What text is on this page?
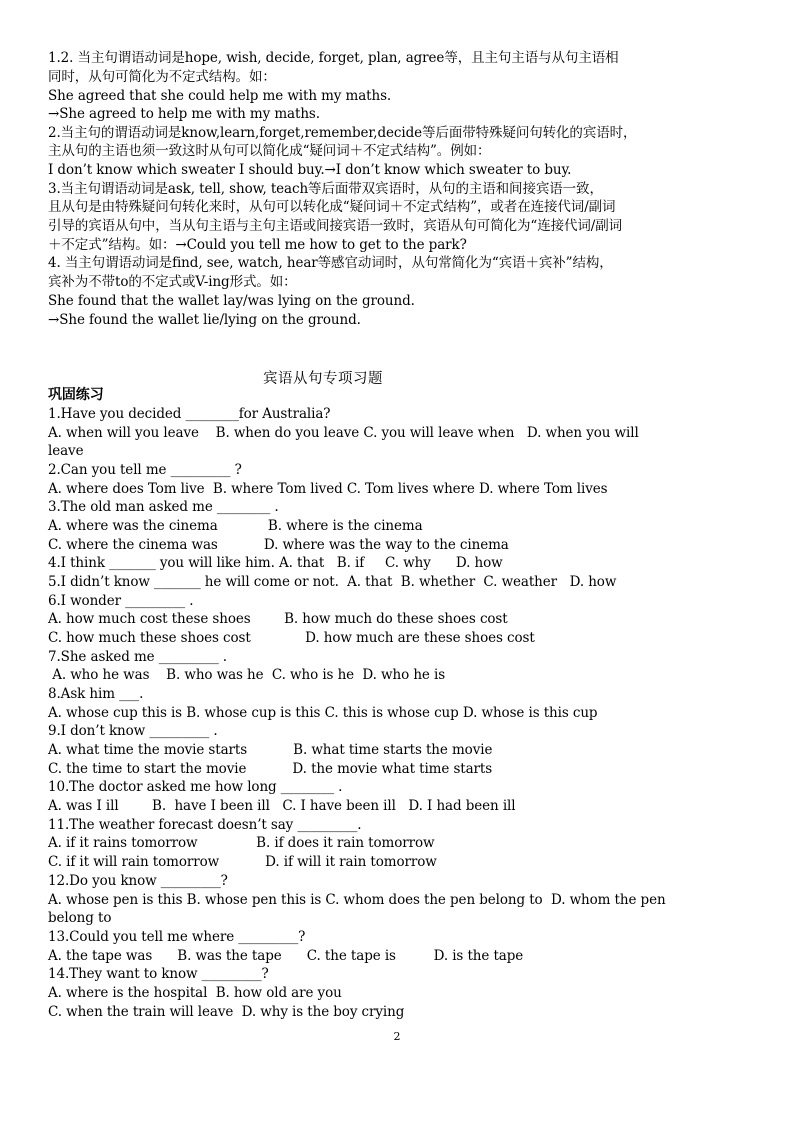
1.2. 当主句谓语动词是hope, wish, decide, forget, plan, agree等，且主句主语与从句主语相
同时，从句可简化为不定式结构。如：
She agreed that she could help me with my maths.
→She agreed to help me with my maths.
2.当主句的谓语动词是know,learn,forget,remember,decide等后面带特殊疑问句转化的宾语时，
主从句的主语也须一致这时从句可以简化成“疑问词＋不定式结构”。例如：
I don’t know which sweater I should buy.→I don’t know which sweater to buy.
3.当主句谓语动词是ask, tell, show, teach等后面带双宾语时，从句的主语和间接宾语一致，
且从句是由特殊疑问句转化来时，从句可以转化成“疑问词＋不定式结构”，或者在连接代词/副词
引导的宾语从句中，当从句主语与主句主语或间接宾语一致时，宾语从句可简化为“连接代词/副词
＋不定式”结构。如：→Could you tell me how to get to the park?
4. 当主句谓语动词是find, see, watch, hear等感官动词时，从句常简化为“宾语＋宾补”结构，
宾补为不带to的不定式或V-ing形式。如：
She found that the wallet lay/was lying on the ground.
→She found the wallet lie/lying on the ground.
宾语从句专项习题
巩固练习
1.Have you decided ________for Australia?
A. when will you leave    B. when do you leave C. you will leave when   D. when you will
leave
2.Can you tell me _________ ?
A. where does Tom live  B. where Tom lived C. Tom lives where D. where Tom lives
3.The old man asked me ________ .
A. where was the cinema            B. where is the cinema
C. where the cinema was           D. where was the way to the cinema
4.I think _______ you will like him. A. that   B. if     C. why      D. how
5.I didn’t know _______ he will come or not.  A. that  B. whether  C. weather   D. how
6.I wonder _________ .
A. how much cost these shoes        B. how much do these shoes cost
C. how much these shoes cost             D. how much are these shoes cost
7.She asked me _________ .
A. who he was    B. who was he  C. who is he  D. who he is
8.Ask him ___.
A. whose cup this is B. whose cup is this C. this is whose cup D. whose is this cup
9.I don’t know _________ .
A. what time the movie starts           B. what time starts the movie
C. the time to start the movie           D. the movie what time starts
10.The doctor asked me how long ________ .
A. was I ill        B.  have I been ill   C. I have been ill   D. I had been ill
11.The weather forecast doesn’t say _________.
A. if it rains tomorrow              B. if does it rain tomorrow
C. if it will rain tomorrow           D. if will it rain tomorrow
12.Do you know _________?
A. whose pen is this B. whose pen this is C. whom does the pen belong to  D. whom the pen
belong to
13.Could you tell me where _________?
A. the tape was      B. was the tape      C. the tape is         D. is the tape
14.They want to know _________?
A. where is the hospital  B. how old are you
C. when the train will leave  D. why is the boy crying
2
